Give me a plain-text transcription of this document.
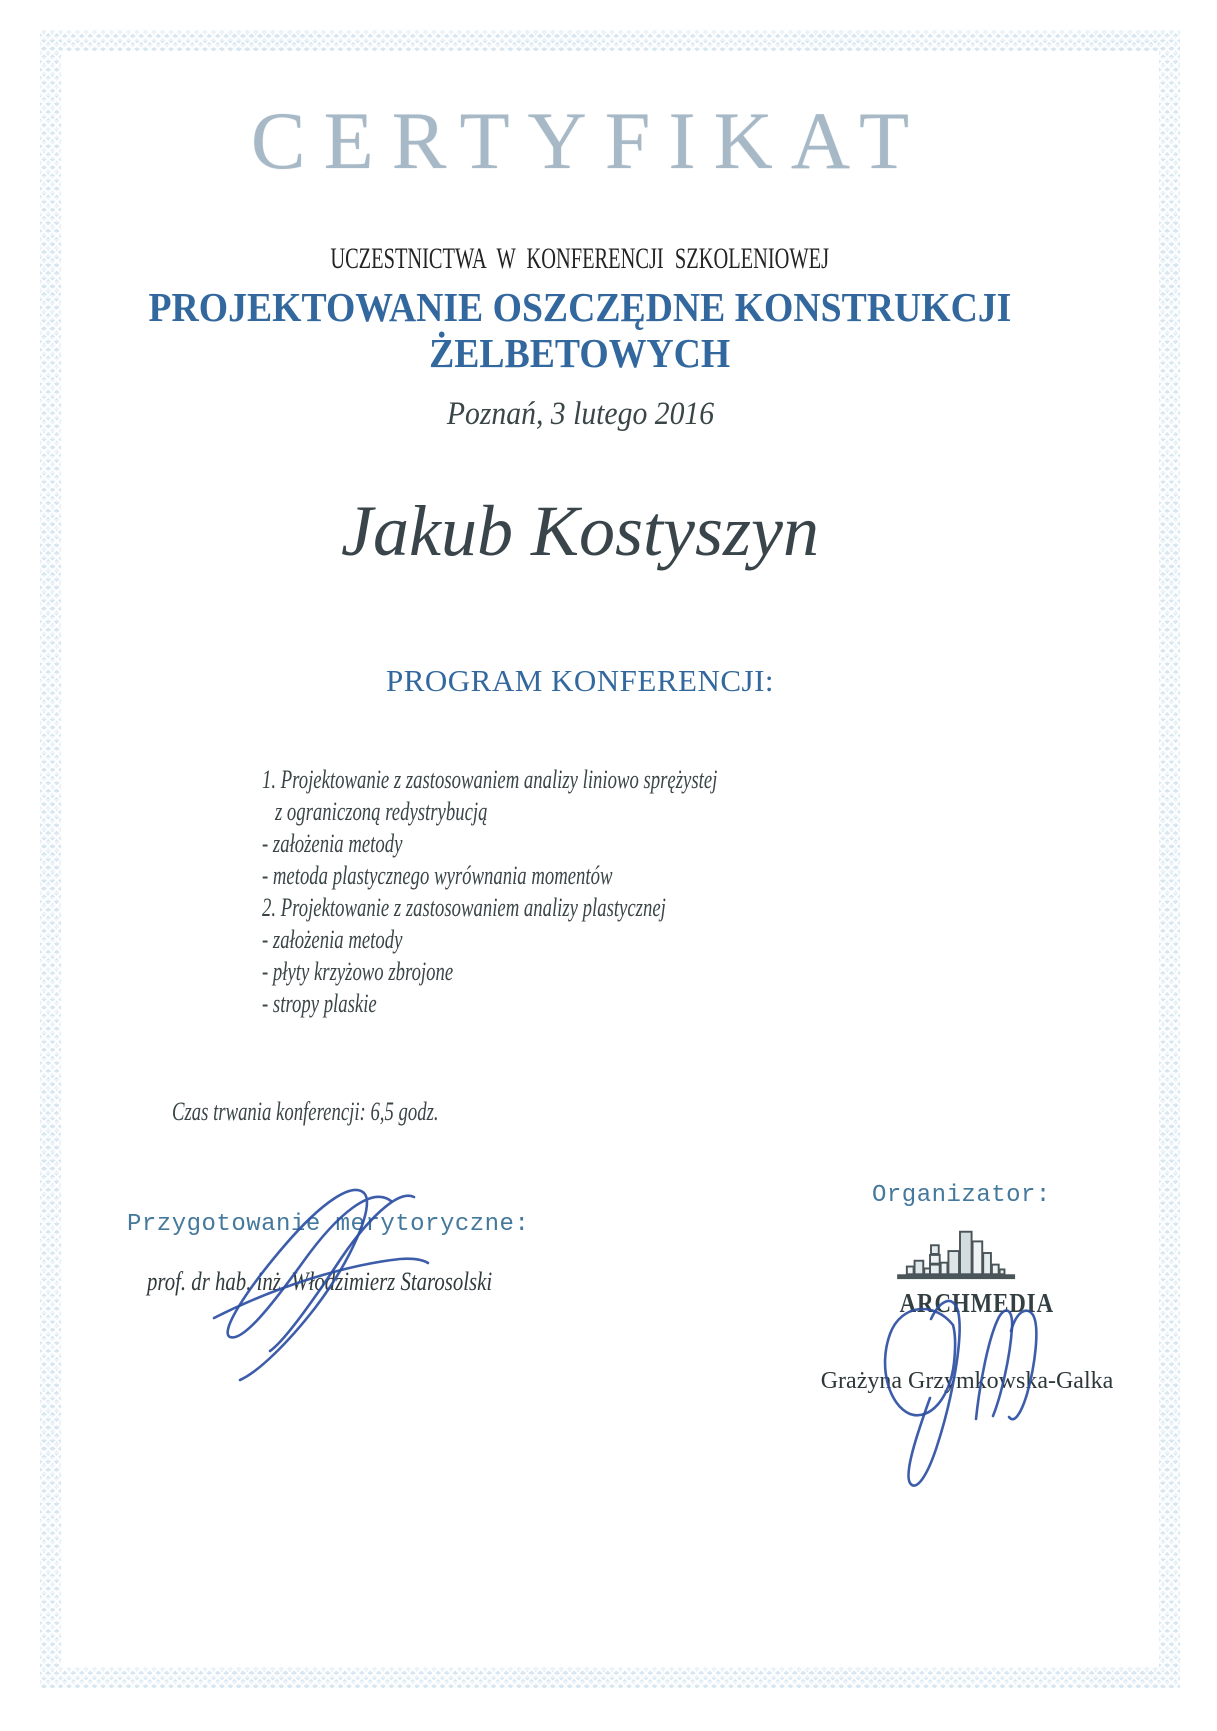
CERTYFIKAT
UCZESTNICTWA W KONFERENCJI SZKOLENIOWEJ
PROJEKTOWANIE OSZCZĘDNE KONSTRUKCJI
ŻELBETOWYCH
Poznań, 3 lutego 2016
Jakub Kostyszyn
PROGRAM KONFERENCJI:
1. Projektowanie z zastosowaniem analizy liniowo sprężystej
z ograniczoną redystrybucją
- założenia metody
- metoda plastycznego wyrównania momentów
2. Projektowanie z zastosowaniem analizy plastycznej
- założenia metody
- płyty krzyżowo zbrojone
- stropy plaskie
Czas trwania konferencji: 6,5 godz.
Przygotowanie merytoryczne:
prof. dr hab. inż. Włodzimierz Starosolski
Organizator:
ARCHMEDIA
Grażyna Grzymkowska-Galka
